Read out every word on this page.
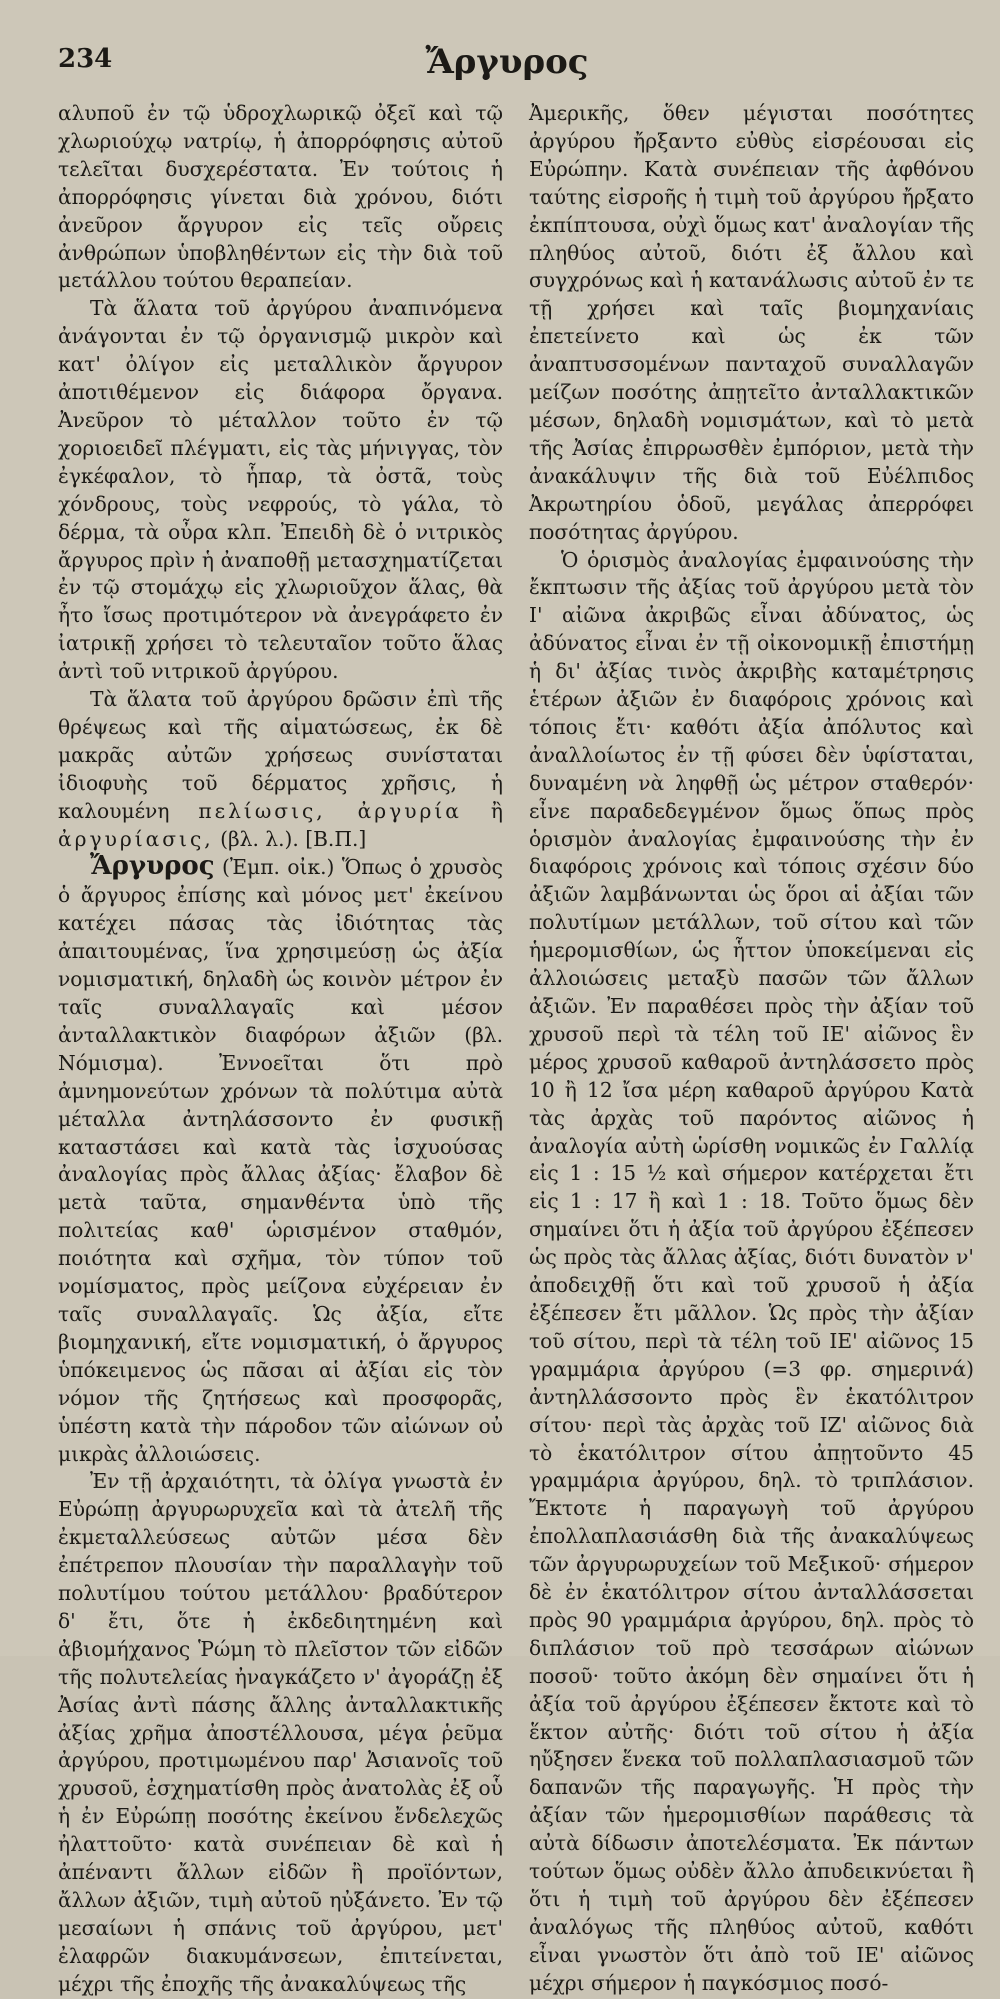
234	Ἄργυρος

αλυποῦ ἐν τῷ ὑδροχλωρικῷ ὀξεῖ καὶ τῷ χλωριούχῳ νατρίῳ, ἡ ἀπορρόφησις αὐτοῦ τελεῖται δυσχερέστατα. Ἐν τούτοις ἡ ἀπορρόφησις γίνεται διὰ χρόνου, διότι ἀνεῦρον ἄργυρον εἰς τεῖς οὔρεις ἀνθρώπων ὑποβληθέντων εἰς τὴν διὰ τοῦ μετάλλου τούτου θεραπείαν.

Τὰ ἅλατα τοῦ ἀργύρου ἀναπινόμενα ἀνάγονται ἐν τῷ ὀργανισμῷ μικρὸν καὶ κατ' ὀλίγον εἰς μεταλλικὸν ἄργυρον ἀποτιθέμενον εἰς διάφορα ὄργανα. Ἀνεῦρον τὸ μέταλλον τοῦτο ἐν τῷ χοριοειδεῖ πλέγματι, εἰς τὰς μήνιγγας, τὸν ἐγκέφαλον, τὸ ἧπαρ, τὰ ὀστᾶ, τοὺς χόνδρους, τοὺς νεφρούς, τὸ γάλα, τὸ δέρμα, τὰ οὖρα κλπ. Ἐπειδὴ δὲ ὁ νιτρικὸς ἄργυρος πρὶν ἡ ἀναποθῇ μετασχηματίζεται ἐν τῷ στομάχῳ εἰς χλωριοῦχον ἅλας, θὰ ἦτο ἴσως προτιμότερον νὰ ἀνεγράφετο ἐν ἰατρικῇ χρήσει τὸ τελευταῖον τοῦτο ἅλας ἀντὶ τοῦ νιτρικοῦ ἀργύρου.

Τὰ ἅλατα τοῦ ἀργύρου δρῶσιν ἐπὶ τῆς θρέψεως καὶ τῆς αἱματώσεως, ἐκ δὲ μακρᾶς αὐτῶν χρήσεως συνίσταται ἰδιοφυὴς τοῦ δέρματος χρῆσις, ἡ καλουμένη πελίωσις, ἀργυρία ἢ ἀργυρίασις, (βλ. λ.). [Β.Π.]

Ἄργυρος (Ἐμπ. οἰκ.) Ὅπως ὁ χρυσὸς ὁ ἄργυρος ἐπίσης καὶ μόνος μετ' ἐκείνου κατέχει πάσας τὰς ἰδιότητας τὰς ἀπαιτουμένας, ἵνα χρησιμεύσῃ ὡς ἀξία νομισματική, δηλαδὴ ὡς κοινὸν μέτρον ἐν ταῖς συναλλαγαῖς καὶ μέσον ἀνταλλακτικὸν διαφόρων ἀξιῶν (βλ. Νόμισμα). Ἐννοεῖται ὅτι πρὸ ἀμνημονεύτων χρόνων τὰ πολύτιμα αὐτὰ μέταλλα ἀντηλάσσοντο ἐν φυσικῇ καταστάσει καὶ κατὰ τὰς ἰσχυούσας ἀναλογίας πρὸς ἄλλας ἀξίας· ἔλαβον δὲ μετὰ ταῦτα, σημανθέντα ὑπὸ τῆς πολιτείας καθ' ὡρισμένον σταθμόν, ποιότητα καὶ σχῆμα, τὸν τύπον τοῦ νομίσματος, πρὸς μείζονα εὐχέρειαν ἐν ταῖς συναλλαγαῖς. Ὡς ἀξία, εἴτε βιομηχανική, εἴτε νομισματική, ὁ ἄργυρος ὑπόκειμενος ὡς πᾶσαι αἱ ἀξίαι εἰς τὸν νόμον τῆς ζητήσεως καὶ προσφορᾶς, ὑπέστη κατὰ τὴν πάροδον τῶν αἰώνων οὐ μικρὰς ἀλλοιώσεις.

Ἐν τῇ ἀρχαιότητι, τὰ ὀλίγα γνωστὰ ἐν Εὐρώπῃ ἀργυρωρυχεῖα καὶ τὰ ἀτελῆ τῆς ἐκμεταλλεύσεως αὐτῶν μέσα δὲν ἐπέτρεπον πλουσίαν τὴν παραλλαγὴν τοῦ πολυτίμου τούτου μετάλλου· βραδύτερον δ' ἔτι, ὅτε ἡ ἐκδεδιητημένη καὶ ἀβιομήχανος Ῥώμη τὸ πλεῖστον τῶν εἰδῶν τῆς πολυτελείας ἠναγκάζετο ν' ἀγοράζῃ ἐξ Ἀσίας ἀντὶ πάσης ἄλλης ἀνταλλακτικῆς ἀξίας χρῆμα ἀποστέλλουσα, μέγα ῥεῦμα ἀργύρου, προτιμωμένου παρ' Ἀσιανοῖς τοῦ χρυσοῦ, ἐσχηματίσθη πρὸς ἀνατολὰς ἐξ οὗ ἡ ἐν Εὐρώπῃ ποσότης ἐκείνου ἔνδελεχῶς ἠλαττοῦτο· κατὰ συνέπειαν δὲ καὶ ἡ ἀπέναντι ἄλλων εἰδῶν ἢ προϊόντων, ἄλλων ἀξιῶν, τιμὴ αὐτοῦ ηὐξάνετο. Ἐν τῷ μεσαίωνι ἡ σπάνις τοῦ ἀργύρου, μετ' ἐλαφρῶν διακυμάνσεων, ἐπιτείνεται, μέχρι τῆς ἐποχῆς τῆς ἀνακαλύψεως τῆς

Ἀμερικῆς, ὅθεν μέγισται ποσότητες ἀργύρου ἤρξαντο εὐθὺς εἰσρέουσαι εἰς Εὐρώπην. Κατὰ συνέπειαν τῆς ἀφθόνου ταύτης εἰσροῆς ἡ τιμὴ τοῦ ἀργύρου ἤρξατο ἐκπίπτουσα, οὐχὶ ὅμως κατ' ἀναλογίαν τῆς πληθύος αὐτοῦ, διότι ἐξ ἄλλου καὶ συγχρόνως καὶ ἡ κατανάλωσις αὐτοῦ ἐν τε τῇ χρήσει καὶ ταῖς βιομηχανίαις ἐπετείνετο καὶ ὡς ἐκ τῶν ἀναπτυσσομένων πανταχοῦ συναλλαγῶν μείζων ποσότης ἀπῃτεῖτο ἀνταλλακτικῶν μέσων, δηλαδὴ νομισμάτων, καὶ τὸ μετὰ τῆς Ἀσίας ἐπιρρωσθὲν ἐμπόριον, μετὰ τὴν ἀνακάλυψιν τῆς διὰ τοῦ Εὐέλπιδος Ἀκρωτηρίου ὁδοῦ, μεγάλας ἀπερρόφει ποσότητας ἀργύρου.

Ὁ ὁρισμὸς ἀναλογίας ἐμφαινούσης τὴν ἔκπτωσιν τῆς ἀξίας τοῦ ἀργύρου μετὰ τὸν Ι' αἰῶνα ἀκριβῶς εἶναι ἀδύνατος, ὡς ἀδύνατος εἶναι ἐν τῇ οἰκονομικῇ ἐπιστήμῃ ἡ δι' ἀξίας τινὸς ἀκριβὴς καταμέτρησις ἑτέρων ἀξιῶν ἐν διαφόροις χρόνοις καὶ τόποις ἔτι· καθότι ἀξία ἀπόλυτος καὶ ἀναλλοίωτος ἐν τῇ φύσει δὲν ὑφίσταται, δυναμένη νὰ ληφθῇ ὡς μέτρον σταθερόν· εἶνε παραδεδεγμένον ὅμως ὅπως πρὸς ὁρισμὸν ἀναλογίας ἐμφαινούσης τὴν ἐν διαφόροις χρόνοις καὶ τόποις σχέσιν δύο ἀξιῶν λαμβάνωνται ὡς ὅροι αἱ ἀξίαι τῶν πολυτίμων μετάλλων, τοῦ σίτου καὶ τῶν ἡμερομισθίων, ὡς ἧττον ὑποκείμεναι εἰς ἀλλοιώσεις μεταξὺ πασῶν τῶν ἄλλων ἀξιῶν. Ἐν παραθέσει πρὸς τὴν ἀξίαν τοῦ χρυσοῦ περὶ τὰ τέλη τοῦ ΙΕ' αἰῶνος ἓν μέρος χρυσοῦ καθαροῦ ἀντηλάσσετο πρὸς 10 ἢ 12 ἴσα μέρη καθαροῦ ἀργύρου Κατὰ τὰς ἀρχὰς τοῦ παρόντος αἰῶνος ἡ ἀναλογία αὐτὴ ὡρίσθη νομικῶς ἐν Γαλλίᾳ εἰς 1 : 15 ½ καὶ σήμερον κατέρχεται ἔτι εἰς 1 : 17 ἢ καὶ 1 : 18. Τοῦτο ὅμως δὲν σημαίνει ὅτι ἡ ἀξία τοῦ ἀργύρου ἐξέπεσεν ὡς πρὸς τὰς ἄλλας ἀξίας, διότι δυνατὸν ν' ἀποδειχθῇ ὅτι καὶ τοῦ χρυσοῦ ἡ ἀξία ἐξέπεσεν ἔτι μᾶλλον. Ὡς πρὸς τὴν ἀξίαν τοῦ σίτου, περὶ τὰ τέλη τοῦ ΙΕ' αἰῶνος 15 γραμμάρια ἀργύρου (=3 φρ. σημερινά) ἀντηλλάσσοντο πρὸς ἓν ἑκατόλιτρον σίτου· περὶ τὰς ἀρχὰς τοῦ ΙΖ' αἰῶνος διὰ τὸ ἑκατόλιτρον σίτου ἀπῃτοῦντο 45 γραμμάρια ἀργύρου, δηλ. τὸ τριπλάσιον. Ἔκτοτε ἡ παραγωγὴ τοῦ ἀργύρου ἐπολλαπλασιάσθη διὰ τῆς ἀνακαλύψεως τῶν ἀργυρωρυχείων τοῦ Μεξικοῦ· σήμερον δὲ ἐν ἑκατόλιτρον σίτου ἀνταλλάσσεται πρὸς 90 γραμμάρια ἀργύρου, δηλ. πρὸς τὸ διπλάσιον τοῦ πρὸ τεσσάρων αἰώνων ποσοῦ· τοῦτο ἀκόμη δὲν σημαίνει ὅτι ἡ ἀξία τοῦ ἀργύρου ἐξέπεσεν ἔκτοτε καὶ τὸ ἕκτον αὐτῆς· διότι τοῦ σίτου ἡ ἀξία ηὔξησεν ἕνεκα τοῦ πολλαπλασιασμοῦ τῶν δαπανῶν τῆς παραγωγῆς. Ἡ πρὸς τὴν ἀξίαν τῶν ἡμερομισθίων παράθεσις τὰ αὐτὰ δίδωσιν ἀποτελέσματα. Ἐκ πάντων τούτων ὅμως οὐδὲν ἄλλο ἀπυδεικνύεται ἢ ὅτι ἡ τιμὴ τοῦ ἀργύρου δὲν ἐξέπεσεν ἀναλόγως τῆς πληθύος αὐτοῦ, καθότι εἶναι γνωστὸν ὅτι ἀπὸ τοῦ ΙΕ' αἰῶνος μέχρι σήμερον ἡ παγκόσμιος ποσό-
